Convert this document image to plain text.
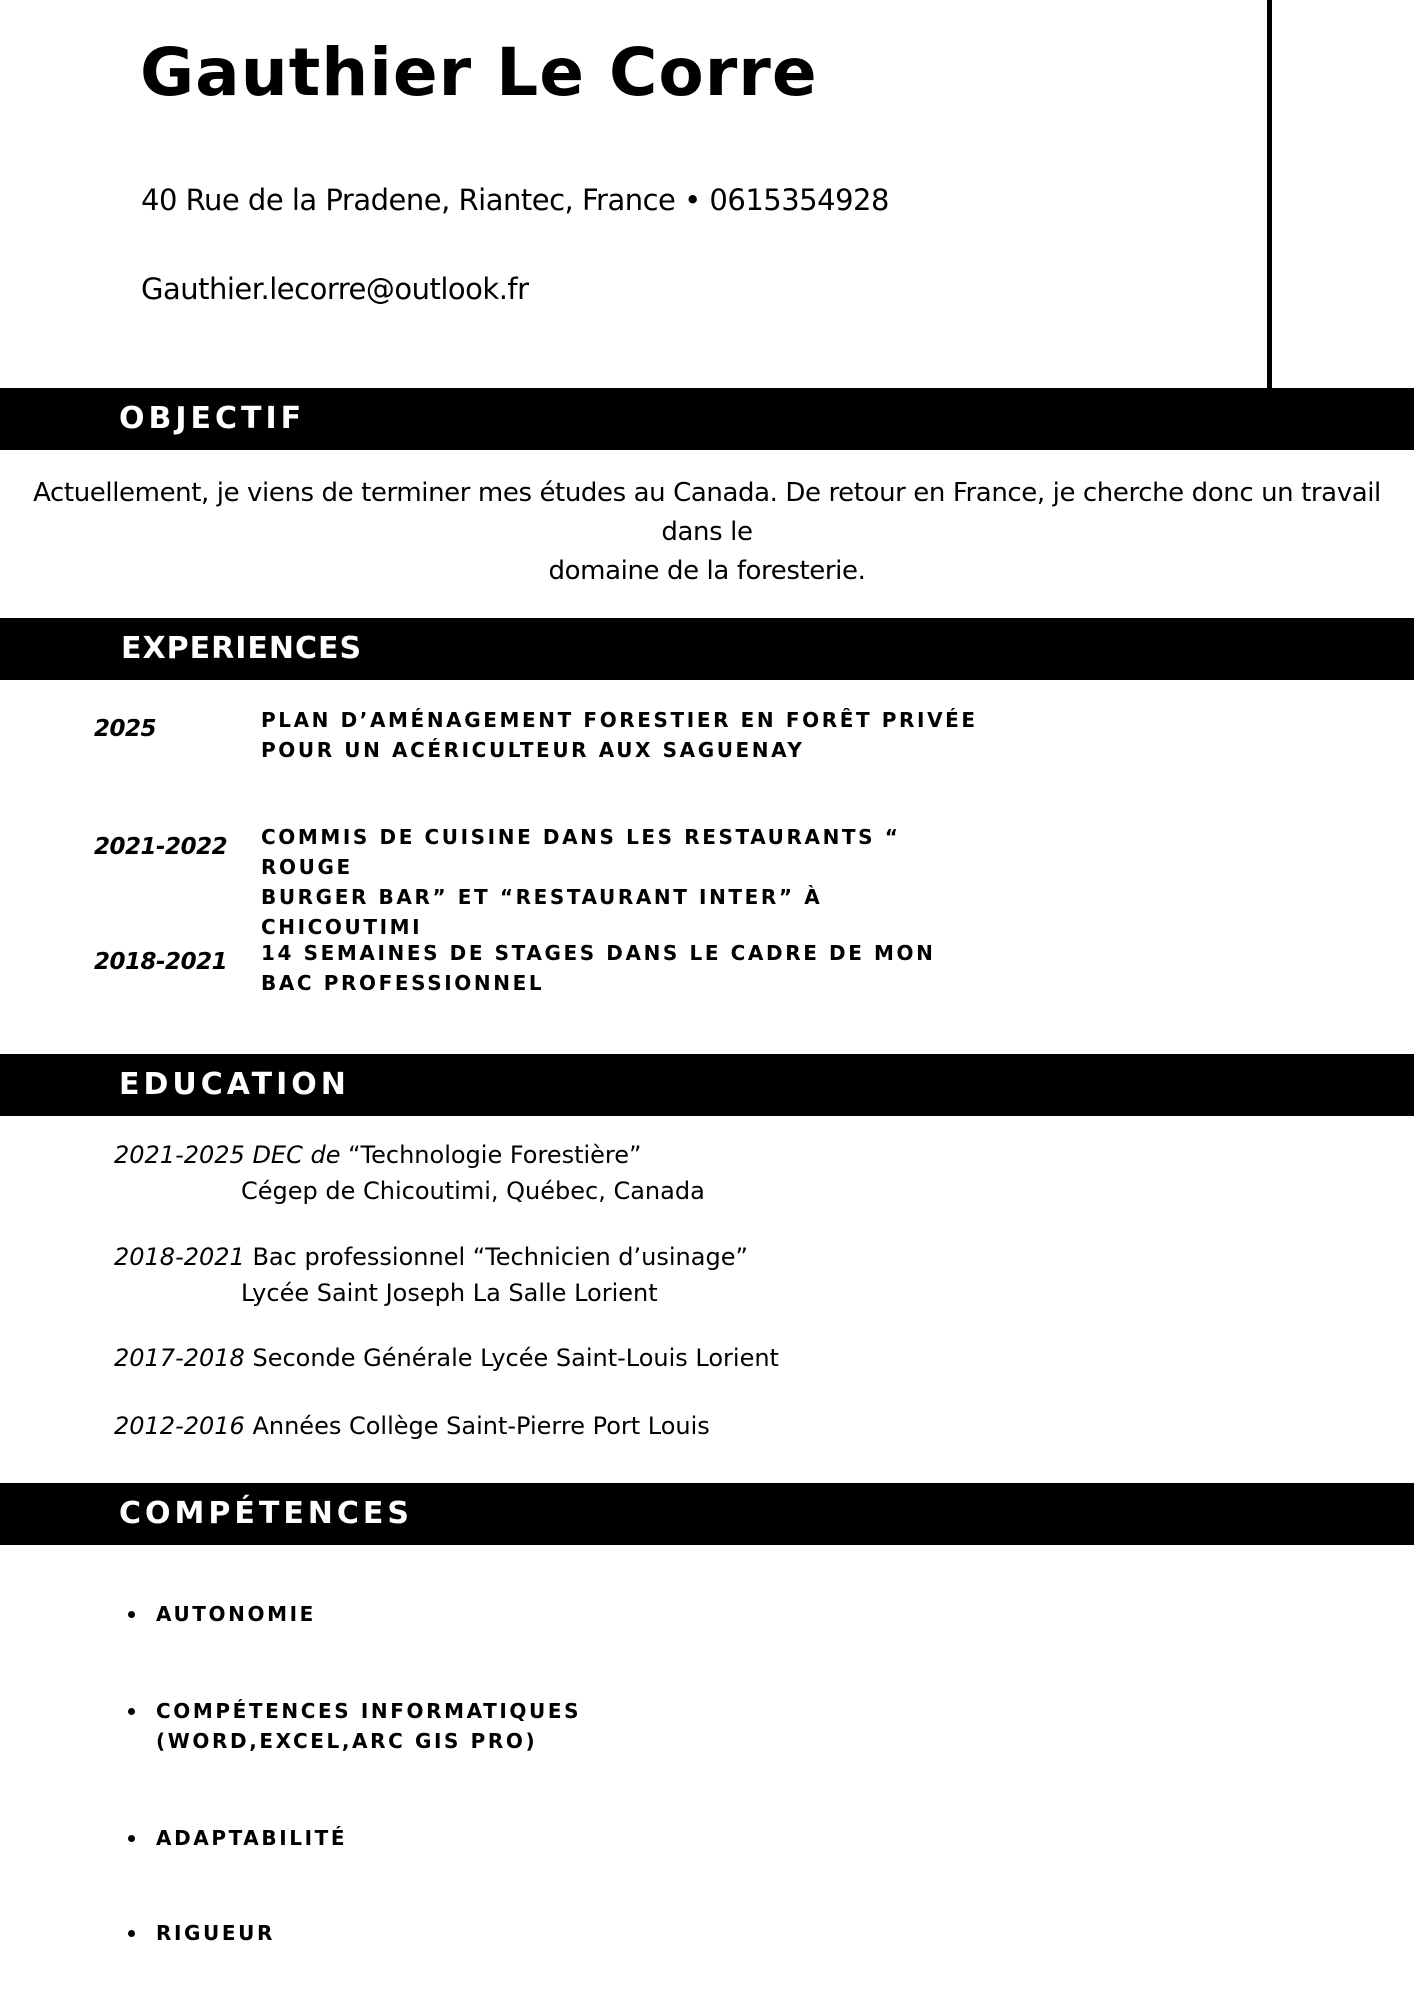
Gauthier Le Corre
40 Rue de la Pradene, Riantec, France • 0615354928
Gauthier.lecorre@outlook.fr
OBJECTIF
Actuellement, je viens de terminer mes études au Canada. De retour en France, je cherche donc un travail dans le
domaine de la foresterie.
EXPERIENCES
2025	PLAN D’AMÉNAGEMENT FORESTIER EN FORÊT PRIVÉE
POUR UN ACÉRICULTEUR AUX SAGUENAY
2021-2022 COMMIS DE CUISINE DANS LES RESTAURANTS “ ROUGE
BURGER BAR” ET “RESTAURANT INTER” À CHICOUTIMI
2018-2021 14 SEMAINES DE STAGES DANS LE CADRE DE MON
BAC PROFESSIONNEL
EDUCATION
2021-2025 DEC de “Technologie Forestière”
Cégep de Chicoutimi, Québec, Canada
2018-2021 Bac professionnel “Technicien d’usinage”
Lycée Saint Joseph La Salle Lorient
2017-2018 Seconde Générale Lycée Saint-Louis Lorient
2012-2016 Années Collège Saint-Pierre Port Louis
COMPÉTENCES
AUTONOMIE
COMPÉTENCES INFORMATIQUES
(WORD,EXCEL,ARC GIS PRO)
ADAPTABILITÉ
RIGUEUR
